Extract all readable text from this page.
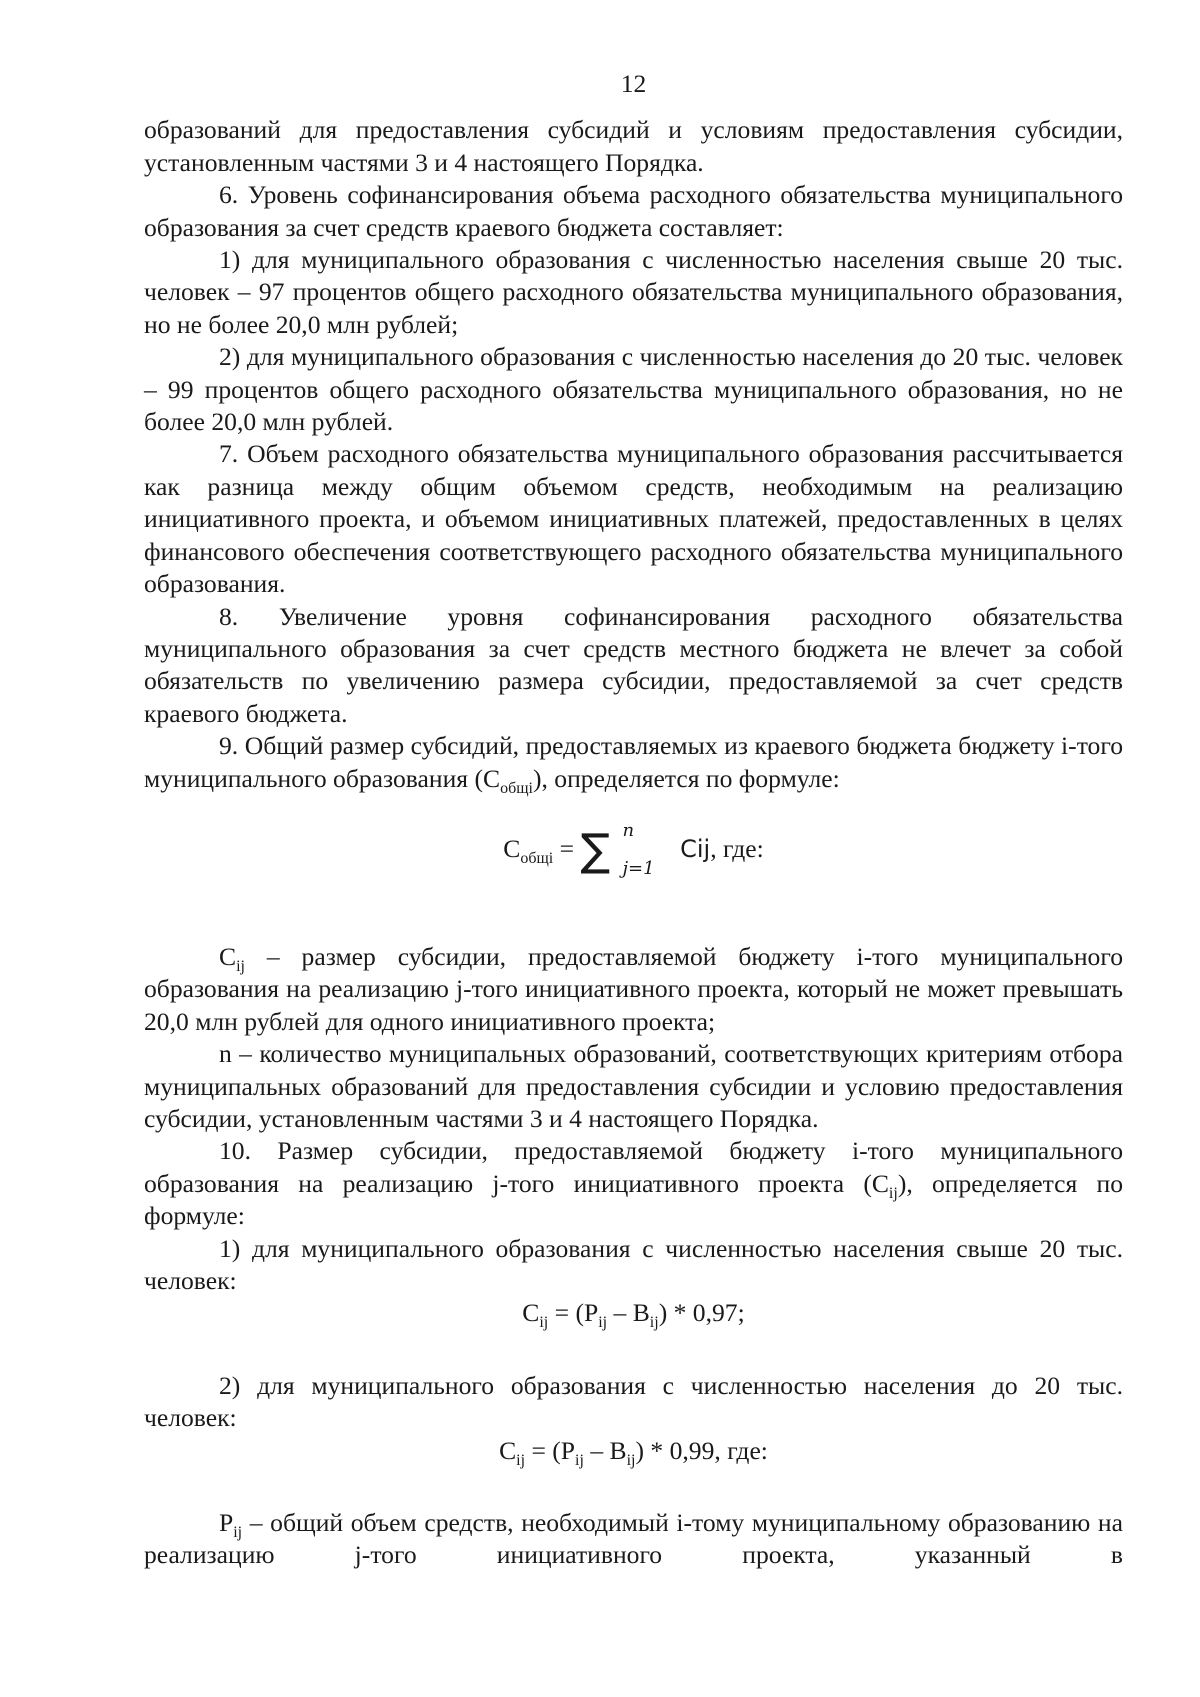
12

образований для предоставления субсидий и условиям предоставления субсидии, установленным частями 3 и 4 настоящего Порядка.

6. Уровень софинансирования объема расходного обязательства муниципального образования за счет средств краевого бюджета составляет:

1) для муниципального образования с численностью населения свыше 20 тыс. человек – 97 процентов общего расходного обязательства муниципального образования, но не более 20,0 млн рублей;

2) для муниципального образования с численностью населения до 20 тыс. человек – 99 процентов общего расходного обязательства муниципального образования, но не более 20,0 млн рублей.

7. Объем расходного обязательства муниципального образования рассчитывается как разница между общим объемом средств, необходимым на реализацию инициативного проекта, и объемом инициативных платежей, предоставленных в целях финансового обеспечения соответствующего расходного обязательства муниципального образования.

8. Увеличение уровня софинансирования расходного обязательства муниципального образования за счет средств местного бюджета не влечет за собой обязательств по увеличению размера субсидии, предоставляемой за счет средств краевого бюджета.

9. Общий размер субсидий, предоставляемых из краевого бюджета бюджету i-того муниципального образования $(С_{общi})$, определяется по формуле:

$С_{общi}$ = ∑ n
j=1
Cij, где:

$С_{ij}$ – размер субсидии, предоставляемой бюджету i-того муниципального образования на реализацию j-того инициативного проекта, который не может превышать 20,0 млн рублей для одного инициативного проекта;

n – количество муниципальных образований, соответствующих критериям отбора муниципальных образований для предоставления субсидии и условию предоставления субсидии, установленным частями 3 и 4 настоящего Порядка.

10. Размер субсидии, предоставляемой бюджету i-того муниципального образования на реализацию j-того инициативного проекта $(С_{ij})$, определяется по формуле:

1) для муниципального образования с численностью населения свыше 20 тыс. человек:

$С_{ij} = (Р_{ij} - В_{ij}) * 0,97$;

2) для муниципального образования с численностью населения до 20 тыс. человек:

$С_{ij} = (Р_{ij} - В_{ij}) * 0,99$, где:

$Р_{ij}$ – общий объем средств, необходимый i-тому муниципальному образованию на реализацию j-того инициативного проекта, указанный в
